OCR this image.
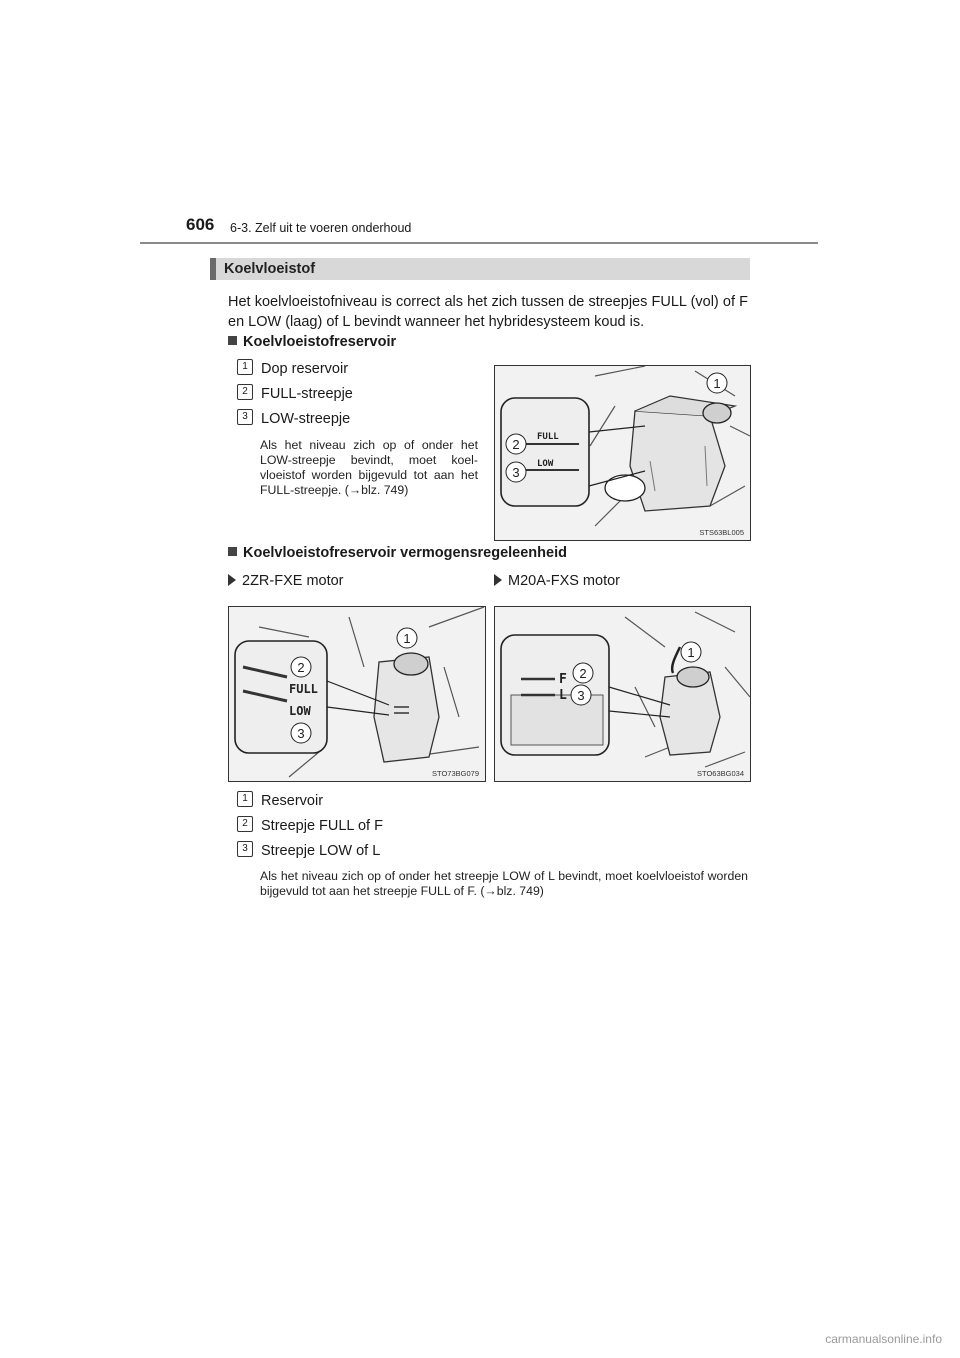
606 6-3. Zelf uit te voeren onderhoud
Koelvloeistof
Het koelvloeistofniveau is correct als het zich tussen de streepjes FULL (vol) of F en LOW (laag) of L bevindt wanneer het hybridesysteem koud is.
Koelvloeistofreservoir
1 Dop reservoir
2 FULL-streepje
3 LOW-streepje
Als het niveau zich op of onder het LOW-streepje bevindt, moet koel-vloeistof worden bijgevuld tot aan het FULL-streepje. (→blz. 749)
FULL
LOW
1
2
3
STS63BL005
Koelvloeistofreservoir vermogensregeleenheid
2ZR-FXE motor	M20A-FXS motor
FULL
LOW
1
2
3
STO73BG079
F
L
1
2
3
STO63BG034
1 Reservoir
2 Streepje FULL of F
3 Streepje LOW of L
Als het niveau zich op of onder het streepje LOW of L bevindt, moet koelvloeistof worden bijgevuld tot aan het streepje FULL of F. (→blz. 749)
carmanualsonline.info
